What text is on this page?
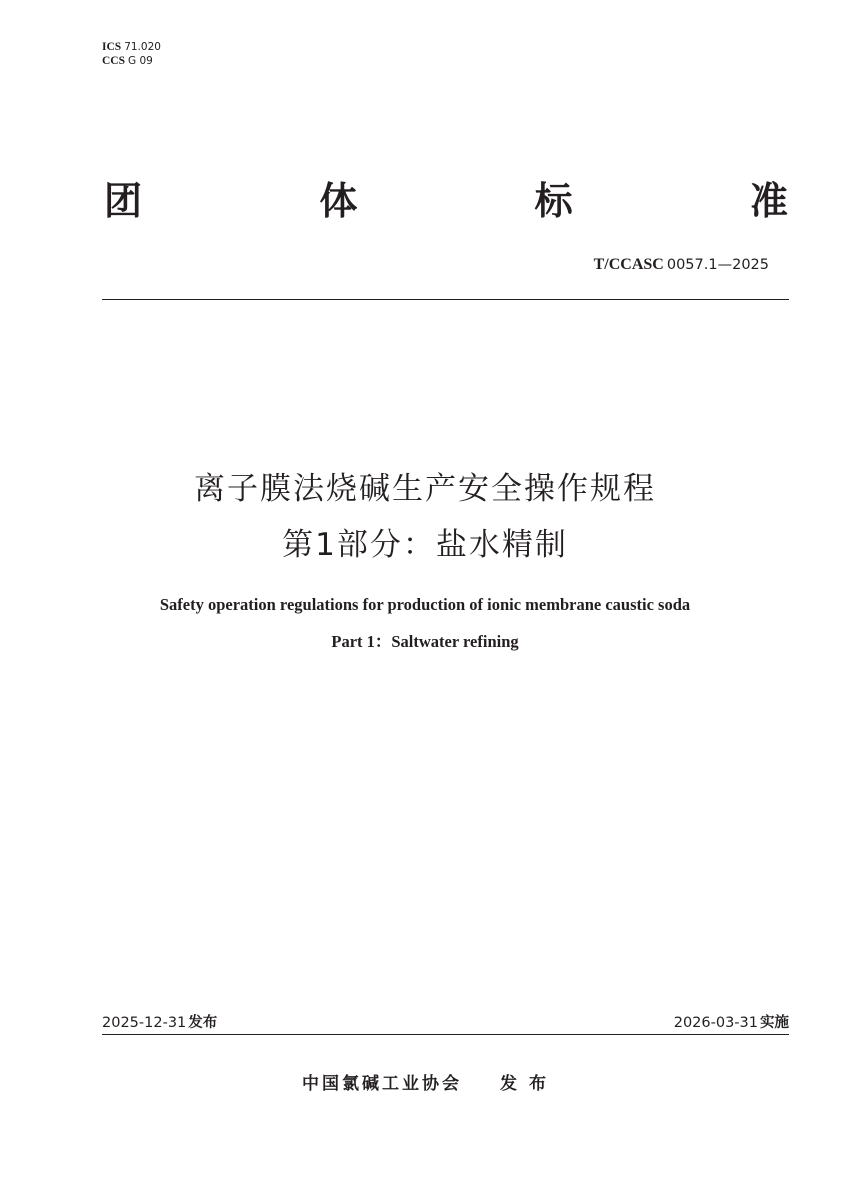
ICS 71.020
CCS G 09
团	体	标	准
T/CCASC 0057.1—2025
离子膜法烧碱生产安全操作规程
第1部分：盐水精制
Safety operation regulations for production of ionic membrane caustic soda
Part 1：Saltwater refining
2025-12-31 发布	2026-03-31 实施
中国氯碱工业协会 发布
